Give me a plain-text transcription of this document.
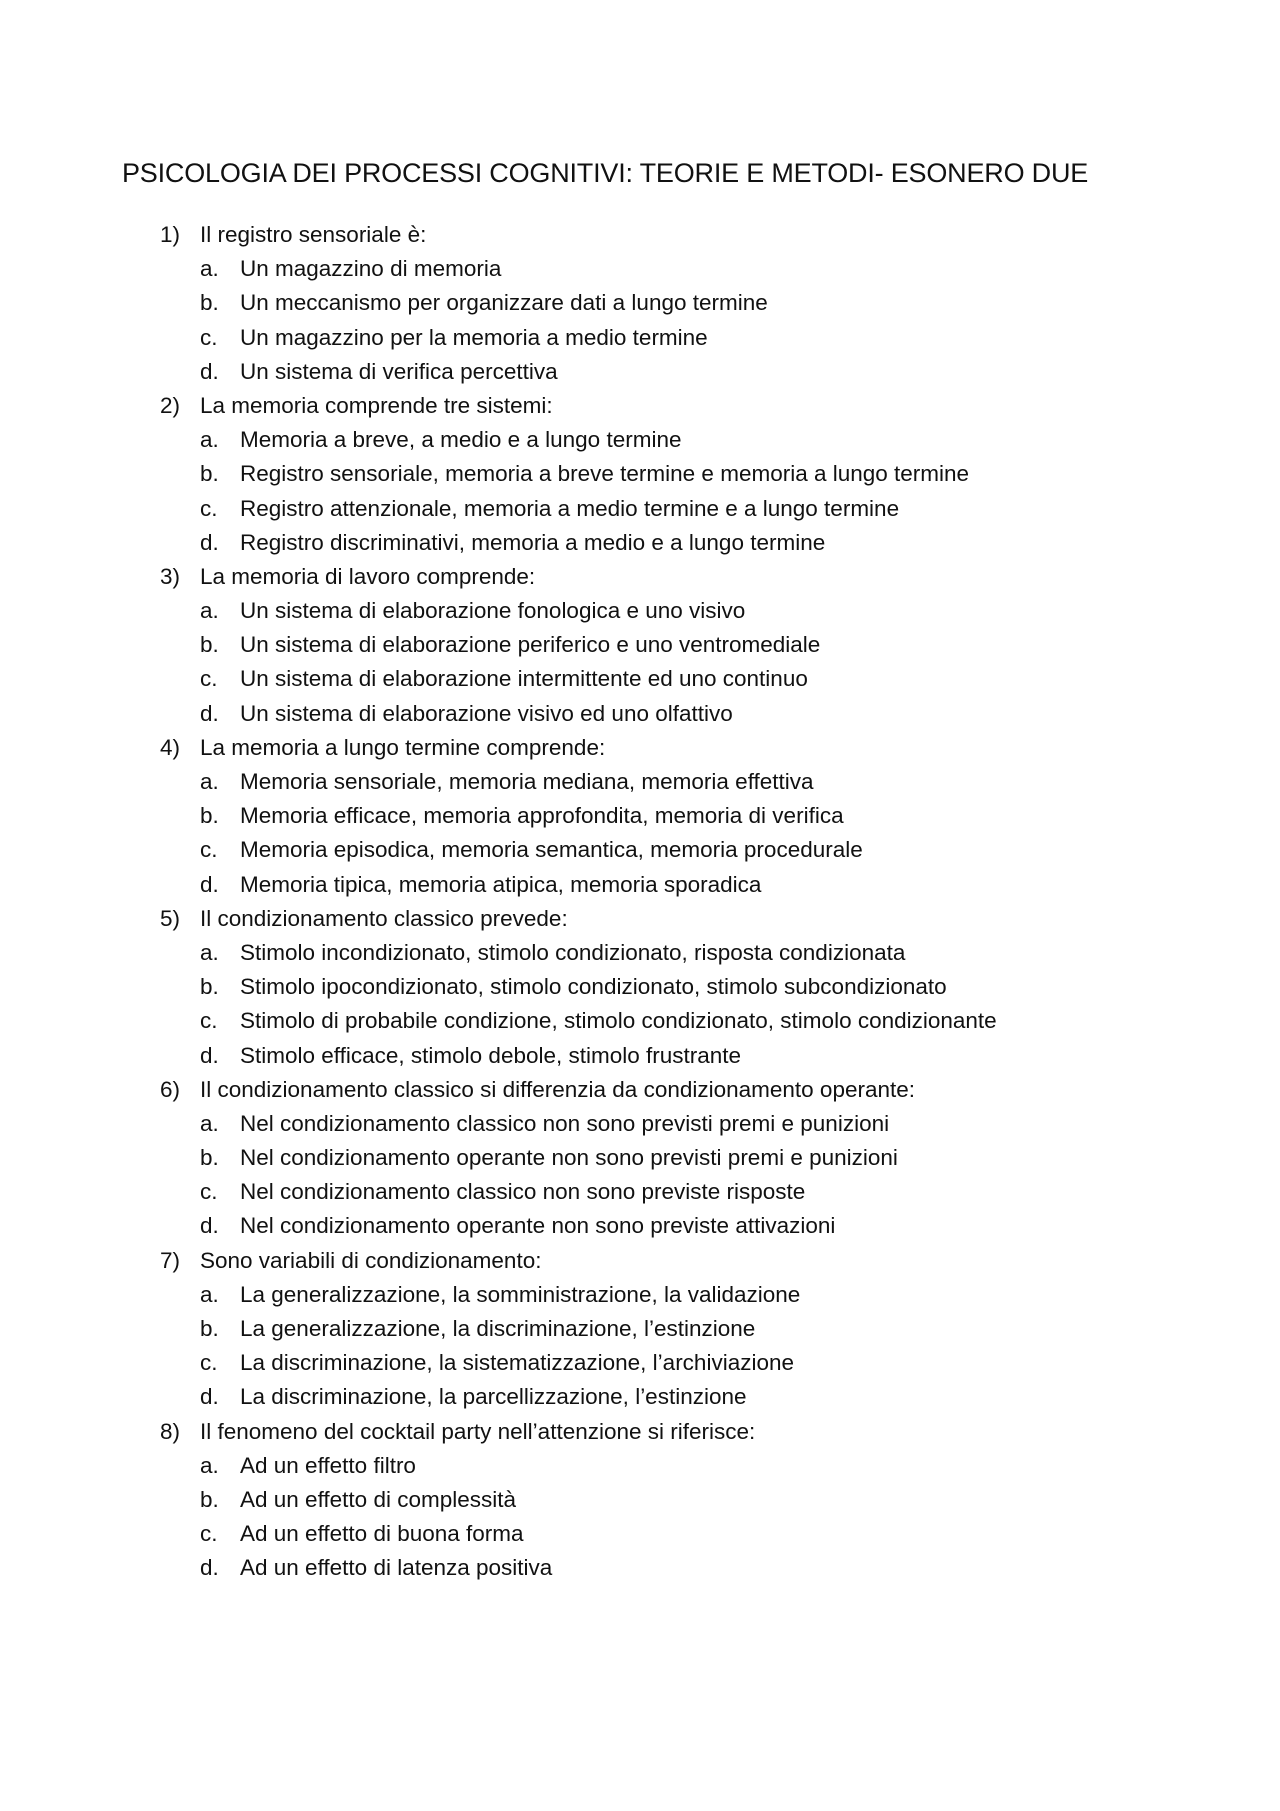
PSICOLOGIA DEI PROCESSI COGNITIVI: TEORIE E METODI- ESONERO DUE
1) Il registro sensoriale è:
a. Un magazzino di memoria
b. Un meccanismo per organizzare dati a lungo termine
c. Un magazzino per la memoria a medio termine
d. Un sistema di verifica percettiva
2) La memoria comprende tre sistemi:
a. Memoria a breve, a medio e a lungo termine
b. Registro sensoriale, memoria a breve termine e memoria a lungo termine
c. Registro attenzionale, memoria a medio termine e a lungo termine
d. Registro discriminativi, memoria a medio e a lungo termine
3) La memoria di lavoro comprende:
a. Un sistema di elaborazione fonologica e uno visivo
b. Un sistema di elaborazione periferico e uno ventromediale
c. Un sistema di elaborazione intermittente ed uno continuo
d. Un sistema di elaborazione visivo ed uno olfattivo
4) La memoria a lungo termine comprende:
a. Memoria sensoriale, memoria mediana, memoria effettiva
b. Memoria efficace, memoria approfondita, memoria di verifica
c. Memoria episodica, memoria semantica, memoria procedurale
d. Memoria tipica, memoria atipica, memoria sporadica
5) Il condizionamento classico prevede:
a. Stimolo incondizionato, stimolo condizionato, risposta condizionata
b. Stimolo ipocondizionato, stimolo condizionato, stimolo subcondizionato
c. Stimolo di probabile condizione, stimolo condizionato, stimolo condizionante
d. Stimolo efficace, stimolo debole, stimolo frustrante
6) Il condizionamento classico si differenzia da condizionamento operante:
a. Nel condizionamento classico non sono previsti premi e punizioni
b. Nel condizionamento operante non sono previsti premi e punizioni
c. Nel condizionamento classico non sono previste risposte
d. Nel condizionamento operante non sono previste attivazioni
7) Sono variabili di condizionamento:
a. La generalizzazione, la somministrazione, la validazione
b. La generalizzazione, la discriminazione, l’estinzione
c. La discriminazione, la sistematizzazione, l’archiviazione
d. La discriminazione, la parcellizzazione, l’estinzione
8) Il fenomeno del cocktail party nell’attenzione si riferisce:
a. Ad un effetto filtro
b. Ad un effetto di complessità
c. Ad un effetto di buona forma
d. Ad un effetto di latenza positiva
